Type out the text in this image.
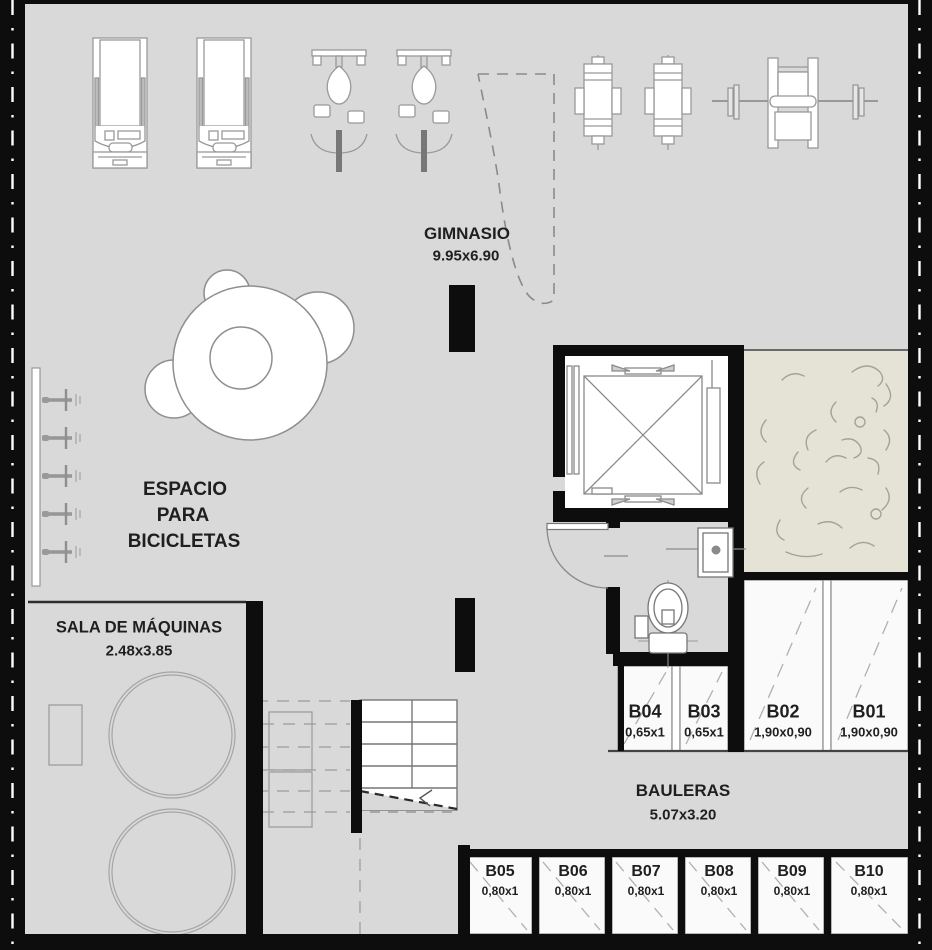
GIMNASIO
9.95x6.90
ESPACIO
PARA
BICICLETAS
SALA DE MÁQUINAS
2.48x3.85
BAULERAS
5.07x3.20
B04
0,65x1
B03
0,65x1
B02
1,90x0,90
B01
1,90x0,90
B05
0,80x1
B06
0,80x1
B07
0,80x1
B08
0,80x1
B09
0,80x1
B10
0,80x1
